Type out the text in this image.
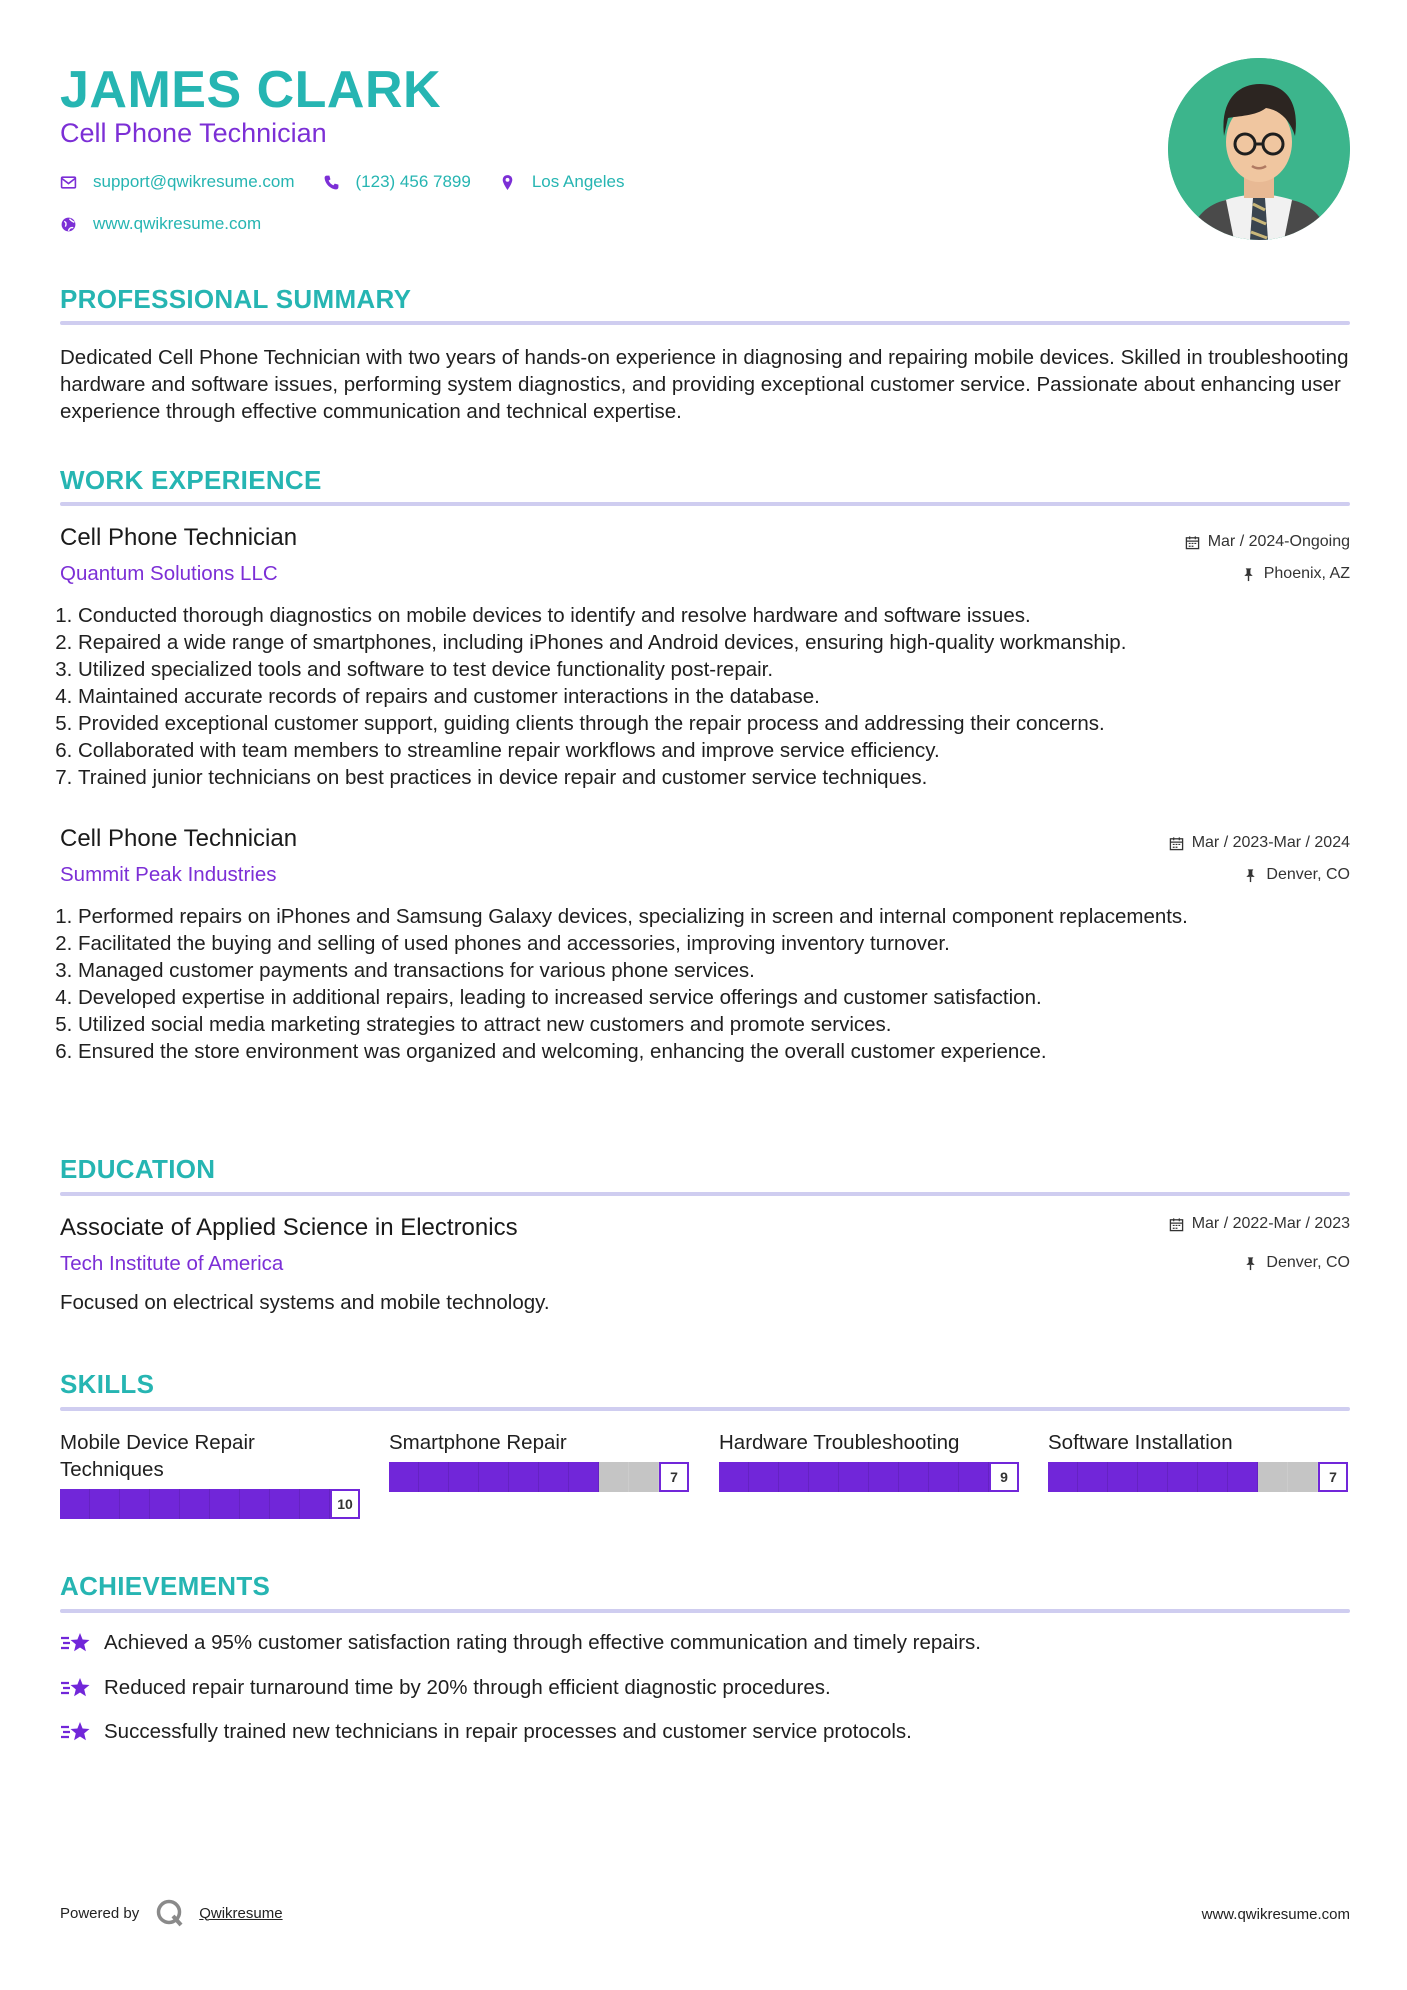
JAMES CLARK
Cell Phone Technician
support@qwikresume.com	(123) 456 7899	Los Angeles
www.qwikresume.com
PROFESSIONAL SUMMARY
Dedicated Cell Phone Technician with two years of hands-on experience in diagnosing and repairing mobile devices. Skilled in troubleshooting hardware and software issues, performing system diagnostics, and providing exceptional customer service. Passionate about enhancing user experience through effective communication and technical expertise.
WORK EXPERIENCE
Cell Phone Technician
Quantum Solutions LLC
Mar / 2024-Ongoing
Phoenix, AZ
1. Conducted thorough diagnostics on mobile devices to identify and resolve hardware and software issues.
2. Repaired a wide range of smartphones, including iPhones and Android devices, ensuring high-quality workmanship.
3. Utilized specialized tools and software to test device functionality post-repair.
4. Maintained accurate records of repairs and customer interactions in the database.
5. Provided exceptional customer support, guiding clients through the repair process and addressing their concerns.
6. Collaborated with team members to streamline repair workflows and improve service efficiency.
7. Trained junior technicians on best practices in device repair and customer service techniques.
Cell Phone Technician
Summit Peak Industries
Mar / 2023-Mar / 2024
Denver, CO
1. Performed repairs on iPhones and Samsung Galaxy devices, specializing in screen and internal component replacements.
2. Facilitated the buying and selling of used phones and accessories, improving inventory turnover.
3. Managed customer payments and transactions for various phone services.
4. Developed expertise in additional repairs, leading to increased service offerings and customer satisfaction.
5. Utilized social media marketing strategies to attract new customers and promote services.
6. Ensured the store environment was organized and welcoming, enhancing the overall customer experience.
EDUCATION
Associate of Applied Science in Electronics
Tech Institute of America
Mar / 2022-Mar / 2023
Denver, CO
Focused on electrical systems and mobile technology.
SKILLS
Mobile Device Repair Techniques
10
Smartphone Repair
7
Hardware Troubleshooting
9
Software Installation
7
ACHIEVEMENTS
Achieved a 95% customer satisfaction rating through effective communication and timely repairs.
Reduced repair turnaround time by 20% through efficient diagnostic procedures.
Successfully trained new technicians in repair processes and customer service protocols.
Powered by	Qwikresume	www.qwikresume.com
